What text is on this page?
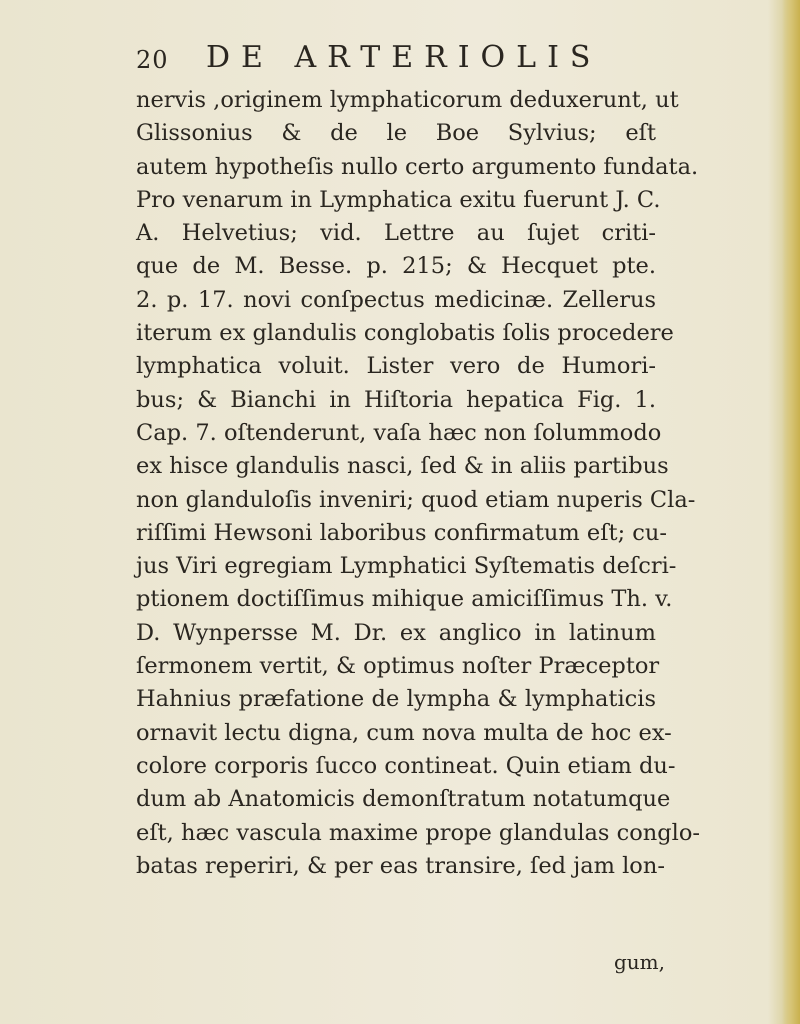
20 DE ARTERIOLIS
nervis ,originem lymphaticorum deduxerunt, ut
Glissonius & de le Boe Sylvius; eſt
autem hypotheſis nullo certo argumento fundata.
Pro venarum in Lymphatica exitu fuerunt J. C.
A. Helvetius; vid. Lettre au ſujet criti-
que de M. Besse. p. 215; & Hecquet pte.
2. p. 17. novi conſpectus medicinæ. Zellerus
iterum ex glandulis conglobatis ſolis procedere
lymphatica voluit. Lister vero de Humori-
bus; & Bianchi in Hiſtoria hepatica Fig. 1.
Cap. 7. oſtenderunt, vaſa hæc non ſolummodo
ex hisce glandulis nasci, ſed & in aliis partibus
non glanduloſis inveniri; quod etiam nuperis Cla-
riſſimi Hewsoni laboribus confirmatum eſt; cu-
jus Viri egregiam Lymphatici Syſtematis deſcri-
ptionem doctiſſimus mihique amiciſſimus Th. v.
D. Wynpersse M. Dr. ex anglico in latinum
ſermonem vertit, & optimus noſter Præceptor
Hahnius præfatione de lympha & lymphaticis
ornavit lectu digna, cum nova multa de hoc ex-
colore corporis ſucco contineat. Quin etiam du-
dum ab Anatomicis demonſtratum notatumque
eſt, hæc vascula maxime prope glandulas conglo-
batas reperiri, & per eas transire, ſed jam lon-
gum,
